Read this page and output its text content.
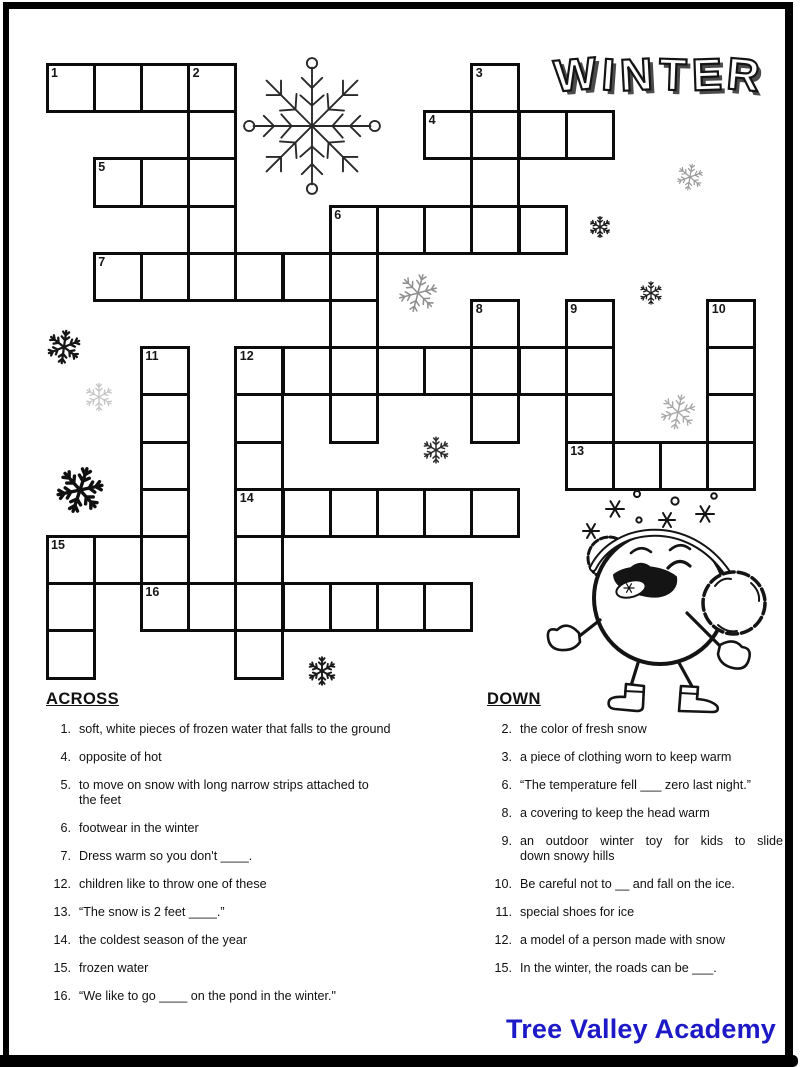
W I N T E R
1	2	3
4
5
6
7
8	9	10
11	12
13
14
15
16
ACROSS
1. soft, white pieces of frozen water that falls to the ground
4. opposite of hot
5. to move on snow with long narrow strips attached to
the feet
6. footwear in the winter
7. Dress warm so you don't ____.
12. children like to throw one of these
13. “The snow is 2 feet ____.”
14. the coldest season of the year
15. frozen water
16. “We like to go ____ on the pond in the winter."
DOWN
2. the color of fresh snow
3. a piece of clothing worn to keep warm
6. “The temperature fell ___ zero last night.”
8. a covering to keep the head warm
9. an outdoor winter toy for kids to slide
down snowy hills
10. Be careful not to __ and fall on the ice.
11. special shoes for ice
12. a model of a person made with snow
15. In the winter, the roads can be ___.
Tree Valley Academy
